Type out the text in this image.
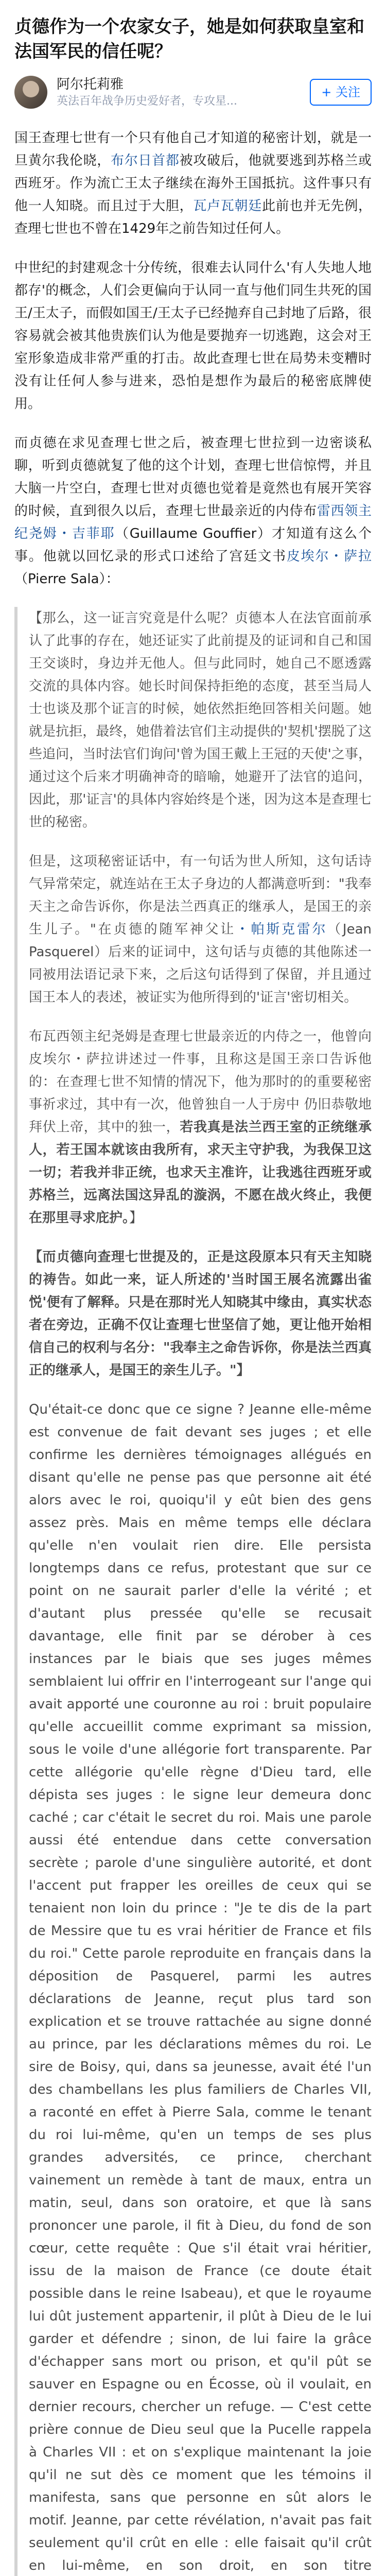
贞德作为一个农家女子，她是如何获取皇室和法国军民的信任呢？
阿尔托莉雅
英法百年战争历史爱好者，专攻星...
+ 关注

国王查理七世有一个只有他自己才知道的秘密计划，就是一旦黄尔我伦晓，布尔日首都被攻破后，他就要逃到苏格兰或西班牙。作为流亡王太子继续在海外王国抵抗。这件事只有他一人知晓。而且过于大胆，瓦卢瓦朝廷此前也并无先例，查理七世也不曾在1429年之前告知过任何人。

中世纪的封建观念十分传统，很难去认同什么'有人失地人地都存'的概念，人们会更偏向于认同一直与他们同生共死的国王/王太子，而假如国王/王太子已经抛弃自己封地了后路，很容易就会被其他贵族们认为他是要抛弃一切逃跑，这会对王室形象造成非常严重的打击。故此查理七世在局势未变糟时没有让任何人参与进来，恐怕是想作为最后的秘密底牌使用。

而贞德在求见查理七世之后，被查理七世拉到一边密谈私聊，听到贞德就复了他的这个计划，查理七世信惊愕，并且大脑一片空白，查理七世对贞德也觉着是竟然也有展开笑容的时候，直到很久以后，查理七世最亲近的内侍布雷西领主纪尧姆・吉菲耶（Guillaume Gouffier）才知道有这么个事。他就以回忆录的形式口述给了宫廷文书皮埃尔・萨拉（Pierre Sala）：

【那么，这一证言究竟是什么呢？贞德本人在法官面前承认了此事的存在，她还证实了此前提及的证词和自己和国王交谈时，身边并无他人。但与此同时，她自己不愿透露交流的具体内容。她长时间保持拒绝的态度，甚至当局人士也谈及那个证言的时候，她依然拒绝回答相关问题。她就是抗拒，最终，她借着法官们主动提供的'契机'摆脱了这些追问，当时法官们询问'曾为国王戴上王冠的天使'之事，通过这个后来才明确神奇的暗喻，她避开了法官的追问，因此，那'证言'的具体内容始终是个迷，因为这本是查理七世的秘密。

但是，这项秘密证话中，有一句话为世人所知，这句话诗气异常荣定，就连站在王太子身边的人都满意听到："我奉天主之命告诉你，你是法兰西真正的继承人，是国王的亲生儿子。"在贞德的随军神父让・帕斯克雷尔（Jean Pasquerel）后来的证词中，这句话与贞德的其他陈述一同被用法语记录下来，之后这句话得到了保留，并且通过国王本人的表述，被证实为他所得到的'证言'密切相关。

布瓦西领主纪尧姆是查理七世最亲近的内侍之一，他曾向皮埃尔・萨拉讲述过一件事，且称这是国王亲口告诉他的：在查理七世不知情的情况下，他为那时的的重要秘密事祈求过，其中有一次，他曾独自一人于房中 仍旧恭敬地拜伏上帝，其中的独一，若我真是法兰西王室的正统继承人，若王国本就该由我所有，求天主守护我，为我保卫这一切；若我并非正统，也求天主准许，让我逃往西班牙或苏格兰，远离法国这异乱的漩涡，不愿在战火终止，我便在那里寻求庇护。】

【而贞德向查理七世提及的，正是这段原本只有天主知晓的祷告。如此一来，证人所述的'当时国王展名流露出雀悦'便有了解释。只是在那时光人知晓其中缘由，真实状态者在旁边，正确不仅让查理七世坚信了她，更让他开始相信自己的权利与名分："我奉主之命告诉你，你是法兰西真正的继承人，是国王的亲生儿子。"】

Qu'était-ce donc que ce signe ? Jeanne elle-même est convenue de fait devant ses juges ; et elle confirme les dernières témoignages allégués en disant qu'elle ne pense pas que personne ait été alors avec le roi, quoiqu'il y eût bien des gens assez près. Mais en même temps elle déclara qu'elle n'en voulait rien dire. Elle persista longtemps dans ce refus, protestant que sur ce point on ne saurait parler d'elle la vérité ; et d'autant plus pressée qu'elle se recusait davantage, elle finit par se dérober à ces instances par le biais que ses juges mêmes semblaient lui offrir en l'interrogeant sur l'ange qui avait apporté une couronne au roi : bruit populaire qu'elle accueillit comme exprimant sa mission, sous le voile d'une allégorie fort transparente. Par cette allégorie qu'elle règne d'Dieu tard, elle dépista ses juges : le signe leur demeura donc caché ; car c'était le secret du roi. Mais une parole aussi été entendue dans cette conversation secrète ; parole d'une singulière autorité, et dont l'accent put frapper les oreilles de ceux qui se tenaient non loin du prince : "Je te dis de la part de Messire que tu es vrai héritier de France et fils du roi." Cette parole reproduite en français dans la déposition de Pasquerel, parmi les autres déclarations de Jeanne, reçut plus tard son explication et se trouve rattachée au signe donné au prince, par les déclarations mêmes du roi. Le sire de Boisy, qui, dans sa jeunesse, avait été l'un des chambellans les plus familiers de Charles VII, a raconté en effet à Pierre Sala, comme le tenant du roi lui-même, qu'en un temps de ses plus grandes adversités, ce prince, cherchant vainement un remède à tant de maux, entra un matin, seul, dans son oratoire, et que là sans prononcer une parole, il fit à Dieu, du fond de son cœur, cette requête : Que s'il était vrai héritier, issu de la maison de France (ce doute était possible dans le reine Isabeau), et que le royaume lui dût justement appartenir, il plût à Dieu de le lui garder et défendre ; sinon, de lui faire la grâce d'échapper sans mort ou prison, et qu'il pût se sauver en Espagne ou en Écosse, où il voulait, en dernier recours, chercher un refuge. — C'est cette prière connue de Dieu seul que la Pucelle rappela à Charles VII : et on s'explique maintenant la joie qu'il ne sut dès ce moment que les témoins il manifesta, sans que personne en sût alors le motif. Jeanne, par cette révélation, n'avait pas fait seulement qu'il crût en elle : elle faisait qu'il crût en lui-même, en son droit, en son titre
